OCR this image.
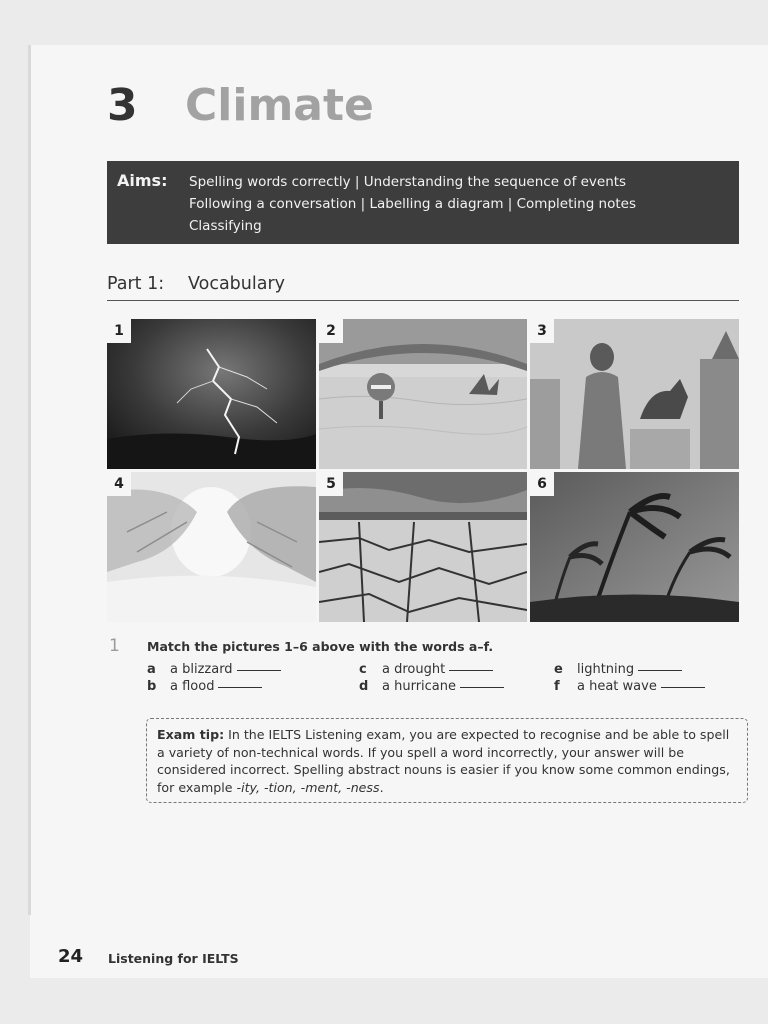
3 Climate
Aims: Spelling words correctly | Understanding the sequence of events
Following a conversation | Labelling a diagram | Completing notes
Classifying
Part 1: Vocabulary
1	2	3
4	5	6
1 Match the pictures 1–6 above with the words a–f.
a a blizzard
b a flood
c a drought
d a hurricane
e lightning
f a heat wave
Exam tip: In the IELTS Listening exam, you are expected to recognise and be able to spell a variety of non-technical words. If you spell a word incorrectly, your answer will be considered incorrect. Spelling abstract nouns is easier if you know some common endings, for example -ity, -tion, -ment, -ness.
24 Listening for IELTS
